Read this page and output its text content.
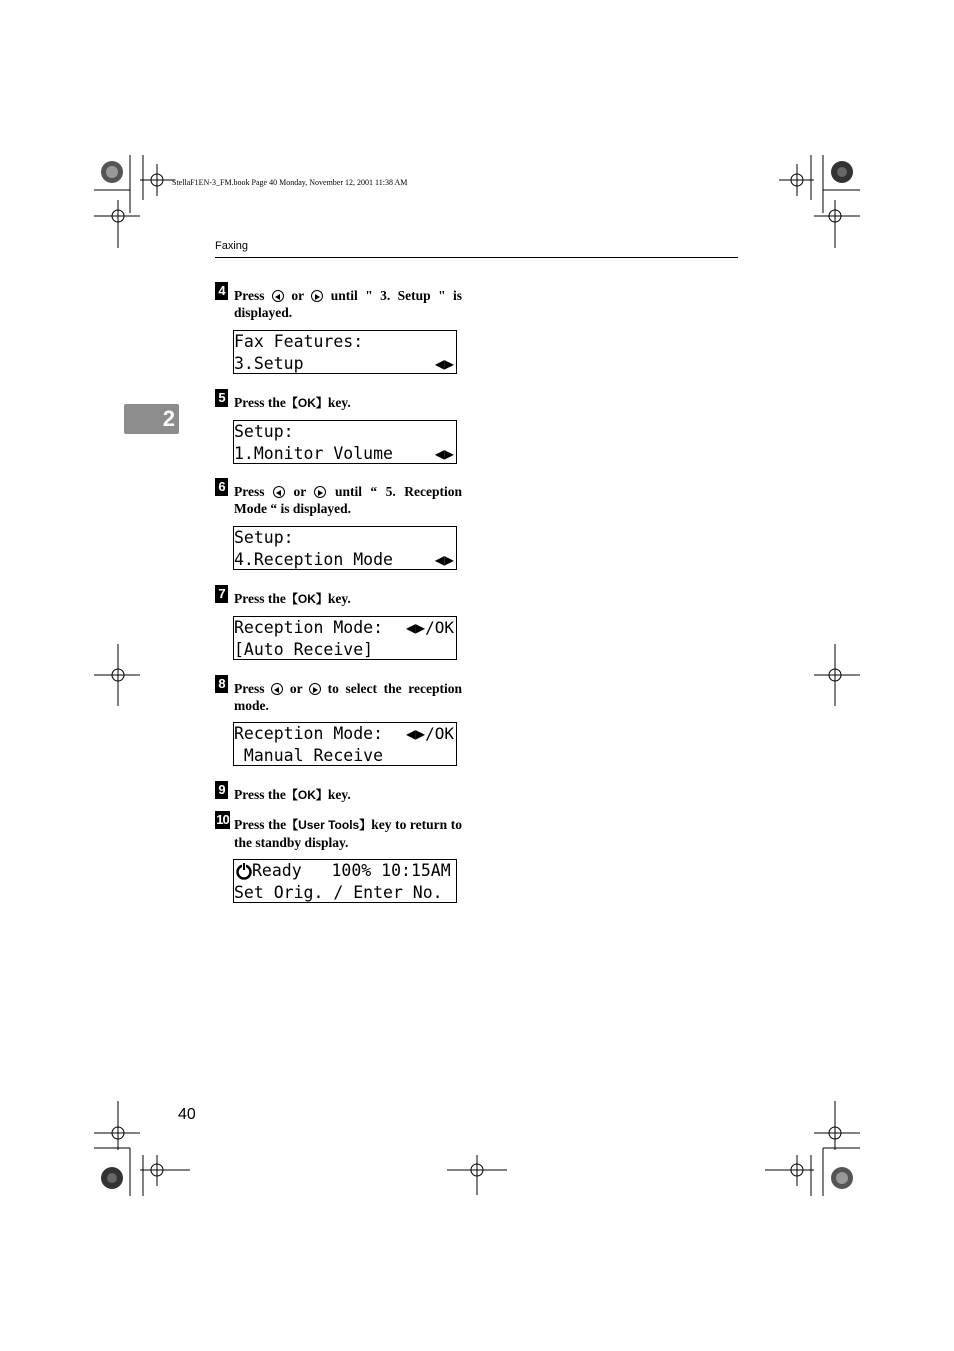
StellaF1EN-3_FM.book Page 40 Monday, November 12, 2001 11:38 AM
Faxing
2
4 Press or until " 3. Setup " is displayed.
Fax Features:
3.Setup	◀▶
5 Press the【OK】key.
Setup:
1.Monitor Volume	◀▶
6 Press or until “ 5. Reception Mode “ is displayed.
Setup:
4.Reception Mode	◀▶
7 Press the【OK】key.
Reception Mode: ◀▶/OK
[Auto Receive]
8 Press or to select the reception mode.
Reception Mode: ◀▶/OK
Manual Receive
9 Press the【OK】key.
10 Press the【User Tools】key to return to the standby display.
Ready   100% 10:15AM
Set Orig. / Enter No.
40
